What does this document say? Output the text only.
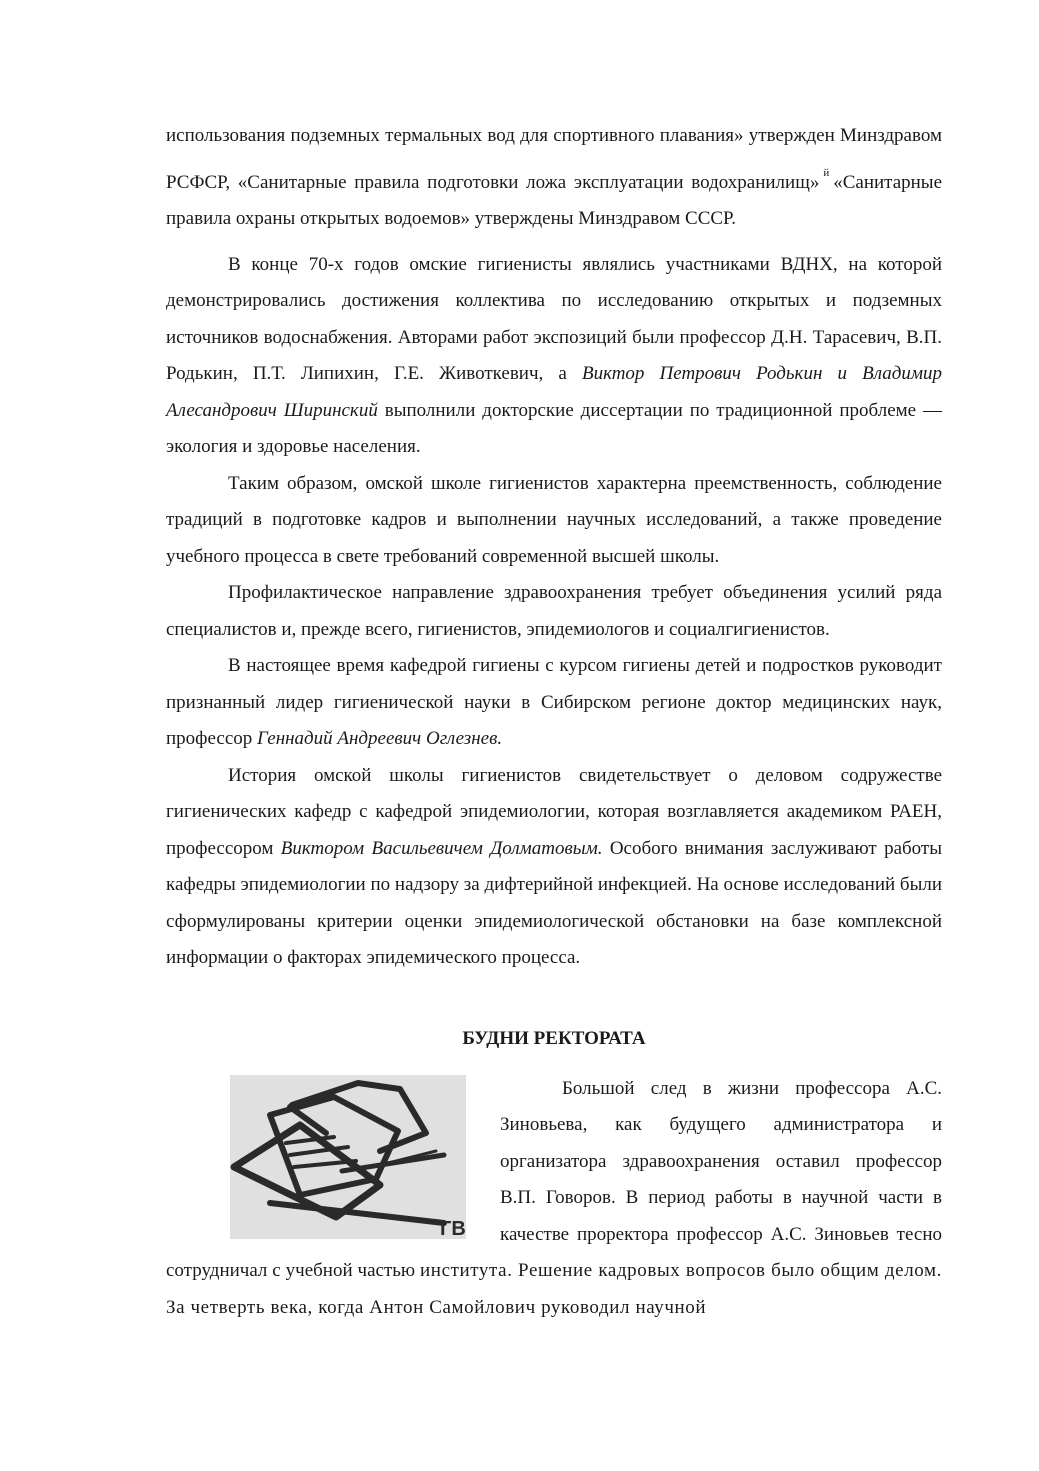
использования подземных термальных вод для спортивного плавания» утвержден Минздравом РСФСР, «Санитарные правила подготовки ложа эксплуатации водохранилищ» $^й$ «Санитарные правила охраны открытых водоемов» утверждены Минздравом СССР.

В конце 70-х годов омские гигиенисты являлись участниками ВДНХ, на которой демонстрировались достижения коллектива по исследованию открытых и подземных источников водоснабжения. Авторами работ экспозиций были профессор Д.Н. Тарасевич, В.П. Родькин, П.Т. Липихин, Г.Е. Животкевич, а Виктор Петрович Родькин и Владимир Алесандрович Ширинский выполнили докторские диссертации по традиционной проблеме — экология и здоровье населения.

Таким образом, омской школе гигиенистов характерна преемственность, соблюдение традиций в подготовке кадров и выполнении научных исследований, а также проведение учебного процесса в свете требований современной высшей школы.

Профилактическое направление здравоохранения требует объединения усилий ряда специалистов и, прежде всего, гигиенистов, эпидемиологов и социалгигиенистов.

В настоящее время кафедрой гигиены с курсом гигиены детей и подростков руководит признанный лидер гигиенической науки в Сибирском регионе доктор медицинских наук, профессор Геннадий Андреевич Оглезнев.

История омской школы гигиенистов свидетельствует о деловом содружестве гигиенических кафедр с кафедрой эпидемиологии, которая возглавляется академиком РАЕН, профессором Виктором Васильевичем Долматовым. Особого внимания заслуживают работы кафедры эпидемиологии по надзору за дифтерийной инфекцией. На основе исследований были сформулированы критерии оценки эпидемиологической обстановки на базе комплексной информации о факторах эпидемического процесса.

БУДНИ РЕКТОРАТА
ГВ

Большой след в жизни профессора А.С. Зиновьева, как будущего администратора и организатора здравоохранения оставил профессор В.П. Говоров. В период работы в научной части в качестве проректора профессор А.С. Зиновьев тесно сотрудничал с учебной частью института. Решение кадровых вопросов было общим делом. За четверть века, когда Антон Самойлович руководил научной
